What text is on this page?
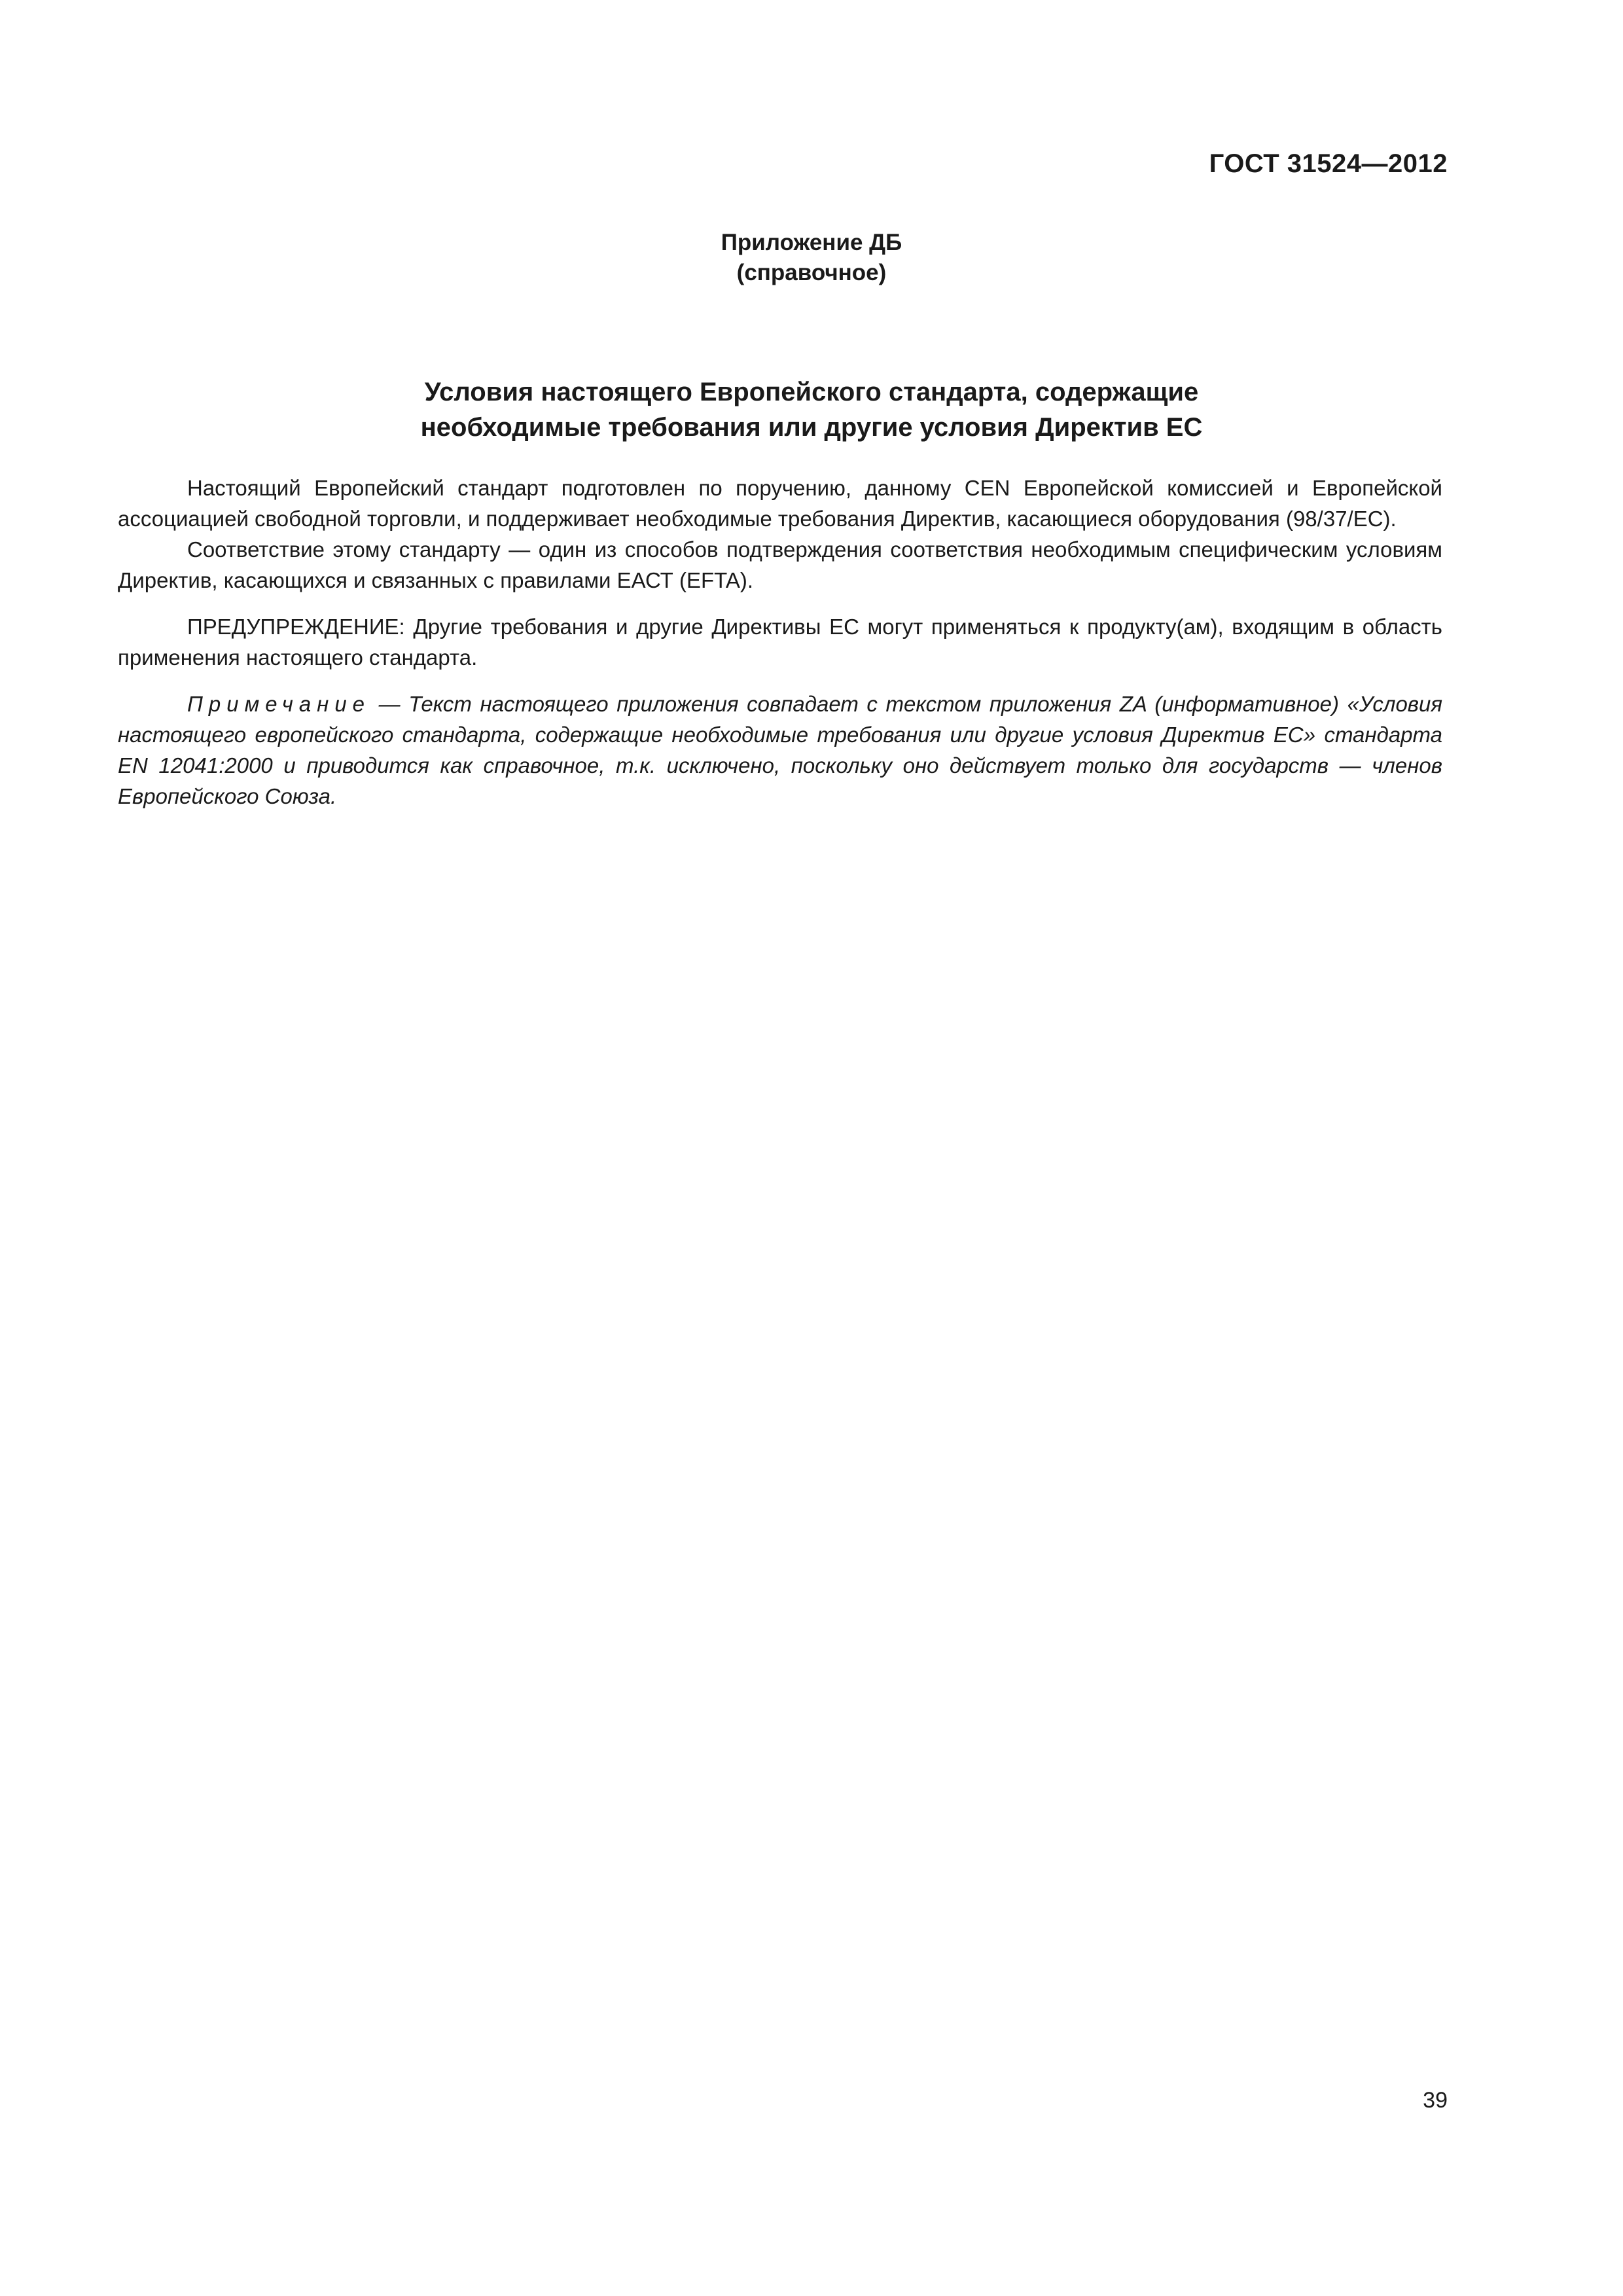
ГОСТ 31524—2012
Приложение ДБ
(справочное)
Условия настоящего Европейского стандарта, содержащие
необходимые требования или другие условия Директив ЕС

Настоящий Европейский стандарт подготовлен по поручению, данному CEN Европейской комиссией и Европейской ассоциацией свободной торговли, и поддерживает необходимые требования Директив, касающиеся оборудования (98/37/ЕС).

Соответствие этому стандарту — один из способов подтверждения соответствия необходимым специфическим условиям Директив, касающихся и связанных с правилами ЕАСТ (EFTA).

ПРЕДУПРЕЖДЕНИЕ: Другие требования и другие Директивы ЕС могут применяться к продукту(ам), входящим в область применения настоящего стандарта.

Примечание — Текст настоящего приложения совпадает с текстом приложения ZA (информативное) «Условия настоящего европейского стандарта, содержащие необходимые требования или другие условия Директив ЕС» стандарта EN 12041:2000 и приводится как справочное, т.к. исключено, поскольку оно действует только для государств — членов Европейского Союза.

39
